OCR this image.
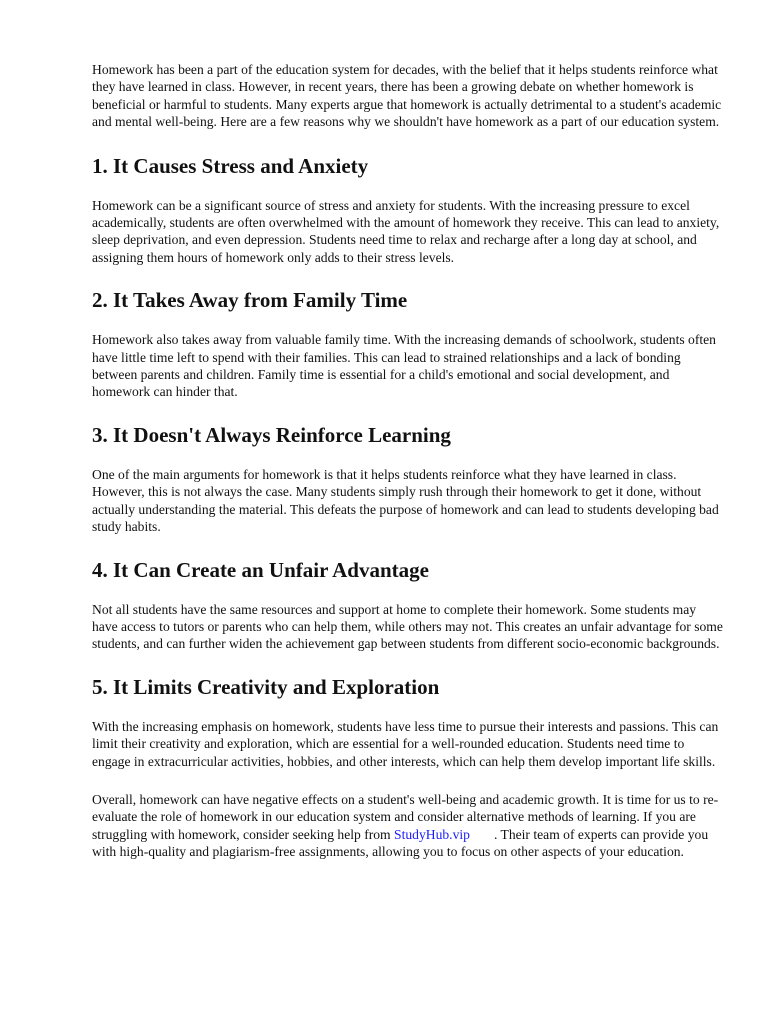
Homework has been a part of the education system for decades, with the belief that it helps students reinforce what they have learned in class. However, in recent years, there has been a growing debate on whether homework is beneficial or harmful to students. Many experts argue that homework is actually detrimental to a student's academic and mental well-being. Here are a few reasons why we shouldn't have homework as a part of our education system.

1. It Causes Stress and Anxiety

Homework can be a significant source of stress and anxiety for students. With the increasing pressure to excel academically, students are often overwhelmed with the amount of homework they receive. This can lead to anxiety, sleep deprivation, and even depression. Students need time to relax and recharge after a long day at school, and assigning them hours of homework only adds to their stress levels.

2. It Takes Away from Family Time

Homework also takes away from valuable family time. With the increasing demands of schoolwork, students often have little time left to spend with their families. This can lead to strained relationships and a lack of bonding between parents and children. Family time is essential for a child's emotional and social development, and homework can hinder that.

3. It Doesn't Always Reinforce Learning

One of the main arguments for homework is that it helps students reinforce what they have learned in class. However, this is not always the case. Many students simply rush through their homework to get it done, without actually understanding the material. This defeats the purpose of homework and can lead to students developing bad study habits.

4. It Can Create an Unfair Advantage

Not all students have the same resources and support at home to complete their homework. Some students may have access to tutors or parents who can help them, while others may not. This creates an unfair advantage for some students, and can further widen the achievement gap between students from different socio-economic backgrounds.

5. It Limits Creativity and Exploration

With the increasing emphasis on homework, students have less time to pursue their interests and passions. This can limit their creativity and exploration, which are essential for a well-rounded education. Students need time to engage in extracurricular activities, hobbies, and other interests, which can help them develop important life skills.

Overall, homework can have negative effects on a student's well-being and academic growth. It is time for us to re-evaluate the role of homework in our education system and consider alternative methods of learning. If you are struggling with homework, consider seeking help from StudyHub.vip . Their team of experts can provide you with high-quality and plagiarism-free assignments, allowing you to focus on other aspects of your education.
